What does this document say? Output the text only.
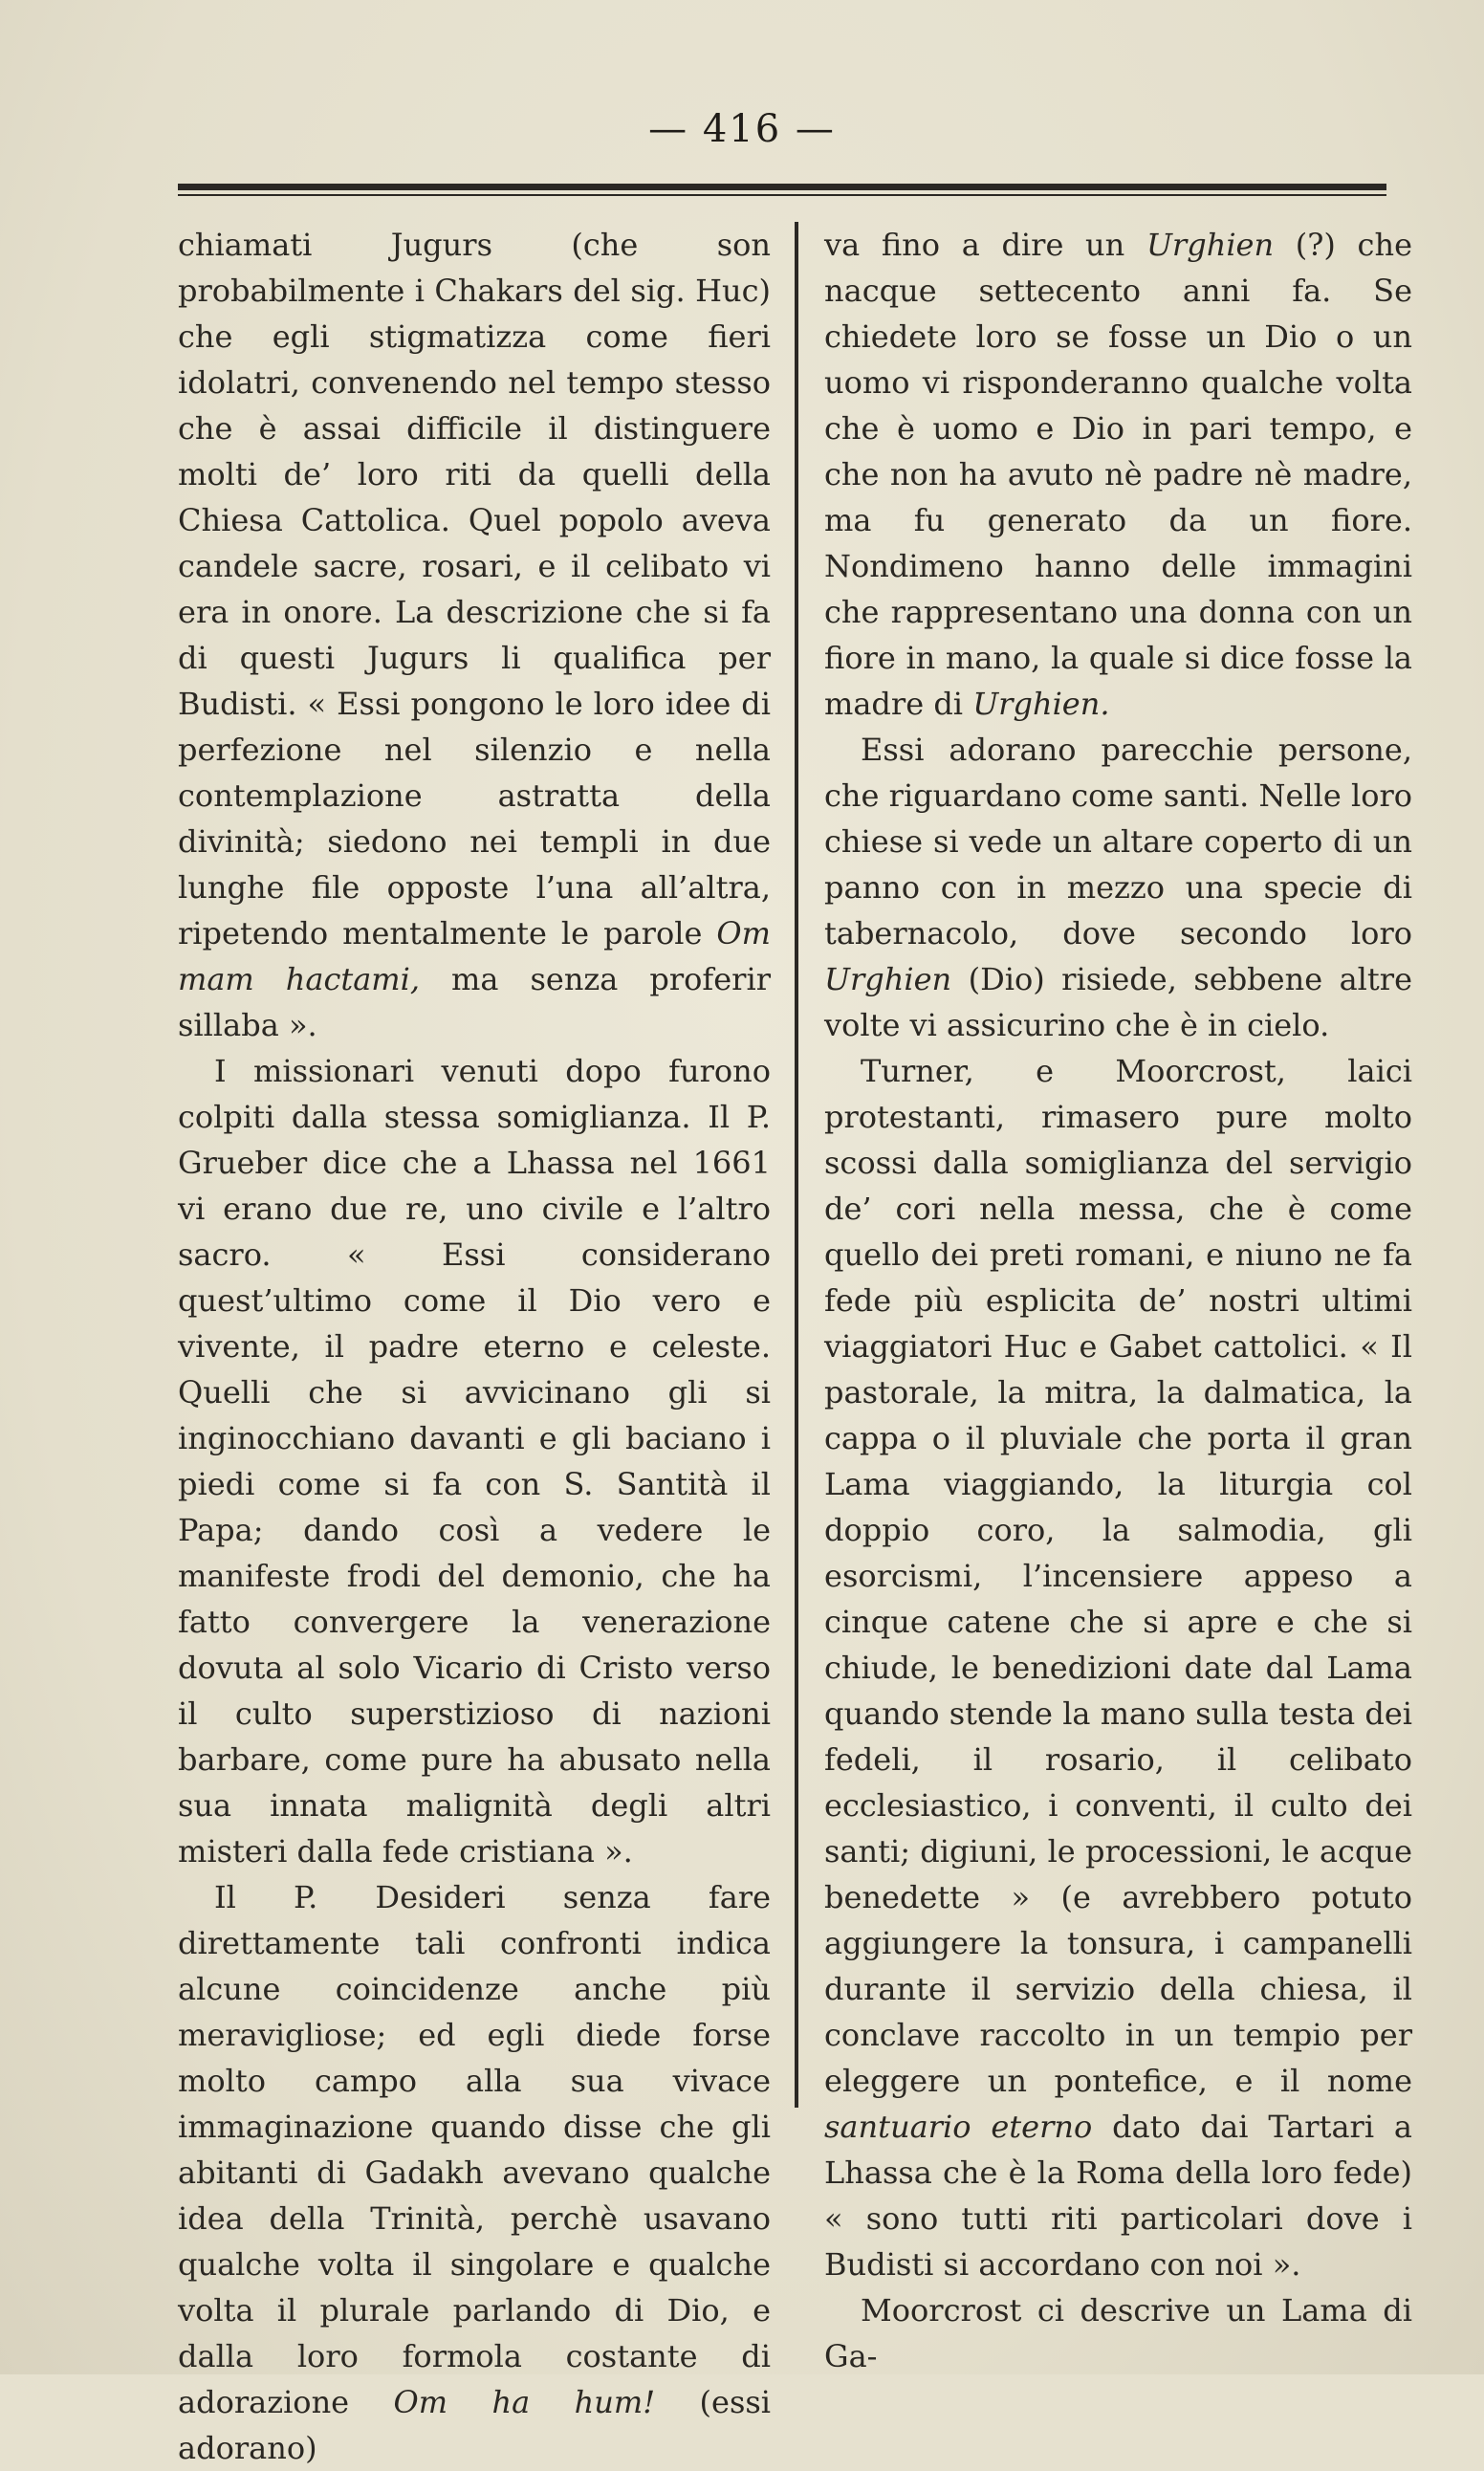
— 416 —

chiamati Jugurs (che son probabilmente i Chakars del sig. Huc) che egli stigmatizza come fieri idolatri, convenendo nel tempo stesso che è assai difficile il distinguere molti de’ loro riti da quelli della Chiesa Cattolica. Quel popolo aveva candele sacre, rosari, e il celibato vi era in onore. La descrizione che si fa di questi Jugurs li qualifica per Budisti. « Essi pongono le loro idee di perfezione nel silenzio e nella contemplazione astratta della divinità; siedono nei templi in due lunghe file opposte l’una all’altra, ripetendo mentalmente le parole Om mam hactami, ma senza proferir sillaba ».

I missionari venuti dopo furono colpiti dalla stessa somiglianza. Il P. Grueber dice che a Lhassa nel 1661 vi erano due re, uno civile e l’altro sacro. « Essi considerano quest’ultimo come il Dio vero e vivente, il padre eterno e celeste. Quelli che si avvicinano gli si inginocchiano davanti e gli baciano i piedi come si fa con S. Santità il Papa; dando così a vedere le manifeste frodi del demonio, che ha fatto convergere la venerazione dovuta al solo Vicario di Cristo verso il culto superstizioso di nazioni barbare, come pure ha abusato nella sua innata malignità degli altri misteri dalla fede cristiana ».

Il P. Desideri senza fare direttamente tali confronti indica alcune coincidenze anche più meravigliose; ed egli diede forse molto campo alla sua vivace immaginazione quando disse che gli abitanti di Gadakh avevano qualche idea della Trinità, perchè usavano qualche volta il singolare e qualche volta il plurale parlando di Dio, e dalla loro formola costante di adorazione Om ha hum! (essi adorano)

va fino a dire un Urghien (?) che nacque settecento anni fa. Se chiedete loro se fosse un Dio o un uomo vi risponderanno qualche volta che è uomo e Dio in pari tempo, e che non ha avuto nè padre nè madre, ma fu generato da un fiore. Nondimeno hanno delle immagini che rappresentano una donna con un fiore in mano, la quale si dice fosse la madre di Urghien.

Essi adorano parecchie persone, che riguardano come santi. Nelle loro chiese si vede un altare coperto di un panno con in mezzo una specie di tabernacolo, dove secondo loro Urghien (Dio) risiede, sebbene altre volte vi assicurino che è in cielo.

Turner, e Moorcrost, laici protestanti, rimasero pure molto scossi dalla somiglianza del servigio de’ cori nella messa, che è come quello dei preti romani, e niuno ne fa fede più esplicita de’ nostri ultimi viaggiatori Huc e Gabet cattolici. « Il pastorale, la mitra, la dalmatica, la cappa o il pluviale che porta il gran Lama viaggiando, la liturgia col doppio coro, la salmodia, gli esorcismi, l’incensiere appeso a cinque catene che si apre e che si chiude, le benedizioni date dal Lama quando stende la mano sulla testa dei fedeli, il rosario, il celibato ecclesiastico, i conventi, il culto dei santi; digiuni, le processioni, le acque benedette » (e avrebbero potuto aggiungere la tonsura, i campanelli durante il servizio della chiesa, il conclave raccolto in un tempio per eleggere un pontefice, e il nome santuario eterno dato dai Tartari a Lhassa che è la Roma della loro fede) « sono tutti riti particolari dove i Budisti si accordano con noi ».

Moorcrost ci descrive un Lama di Ga-
